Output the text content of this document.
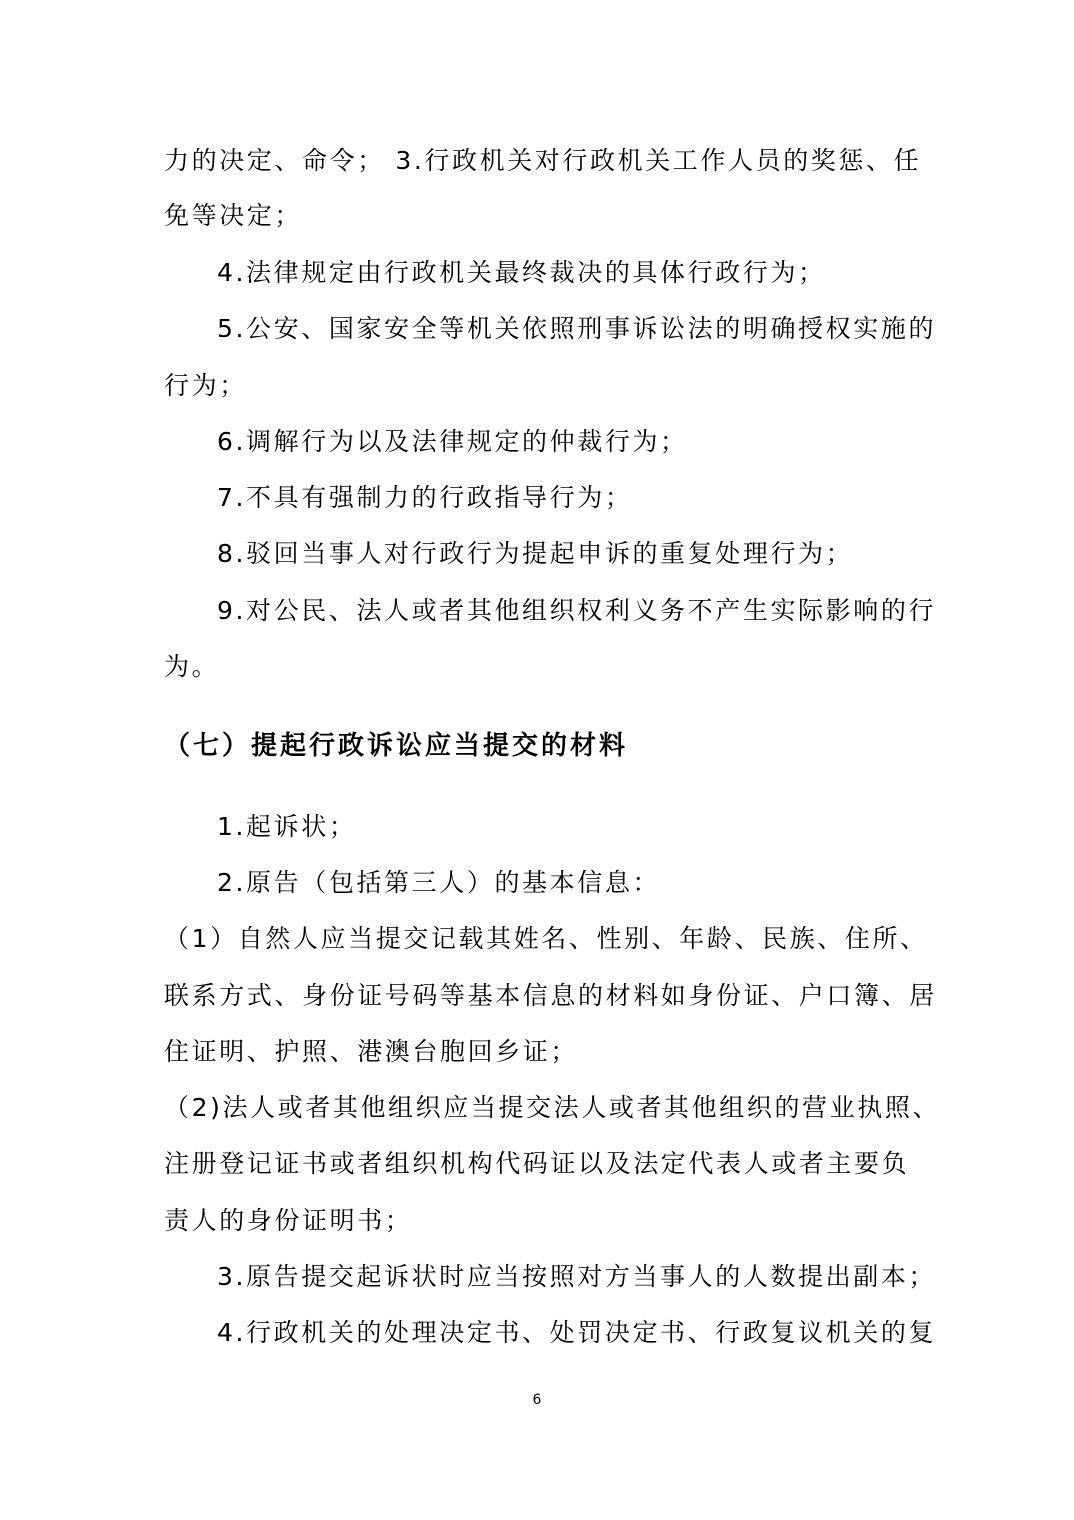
力的决定、命令； 3.行政机关对行政机关工作人员的奖惩、任
免等决定；
4.法律规定由行政机关最终裁决的具体行政行为；
5.公安、国家安全等机关依照刑事诉讼法的明确授权实施的
行为；
6.调解行为以及法律规定的仲裁行为；
7.不具有强制力的行政指导行为；
8.驳回当事人对行政行为提起申诉的重复处理行为；
9.对公民、法人或者其他组织权利义务不产生实际影响的行
为。
（七）提起行政诉讼应当提交的材料
1.起诉状；
2.原告（包括第三人）的基本信息：
（1）自然人应当提交记载其姓名、性别、年龄、民族、住所、
联系方式、身份证号码等基本信息的材料如身份证、户口簿、居
住证明、护照、港澳台胞回乡证；
（2)法人或者其他组织应当提交法人或者其他组织的营业执照、
注册登记证书或者组织机构代码证以及法定代表人或者主要负
责人的身份证明书；
3.原告提交起诉状时应当按照对方当事人的人数提出副本；
4.行政机关的处理决定书、处罚决定书、行政复议机关的复
6
